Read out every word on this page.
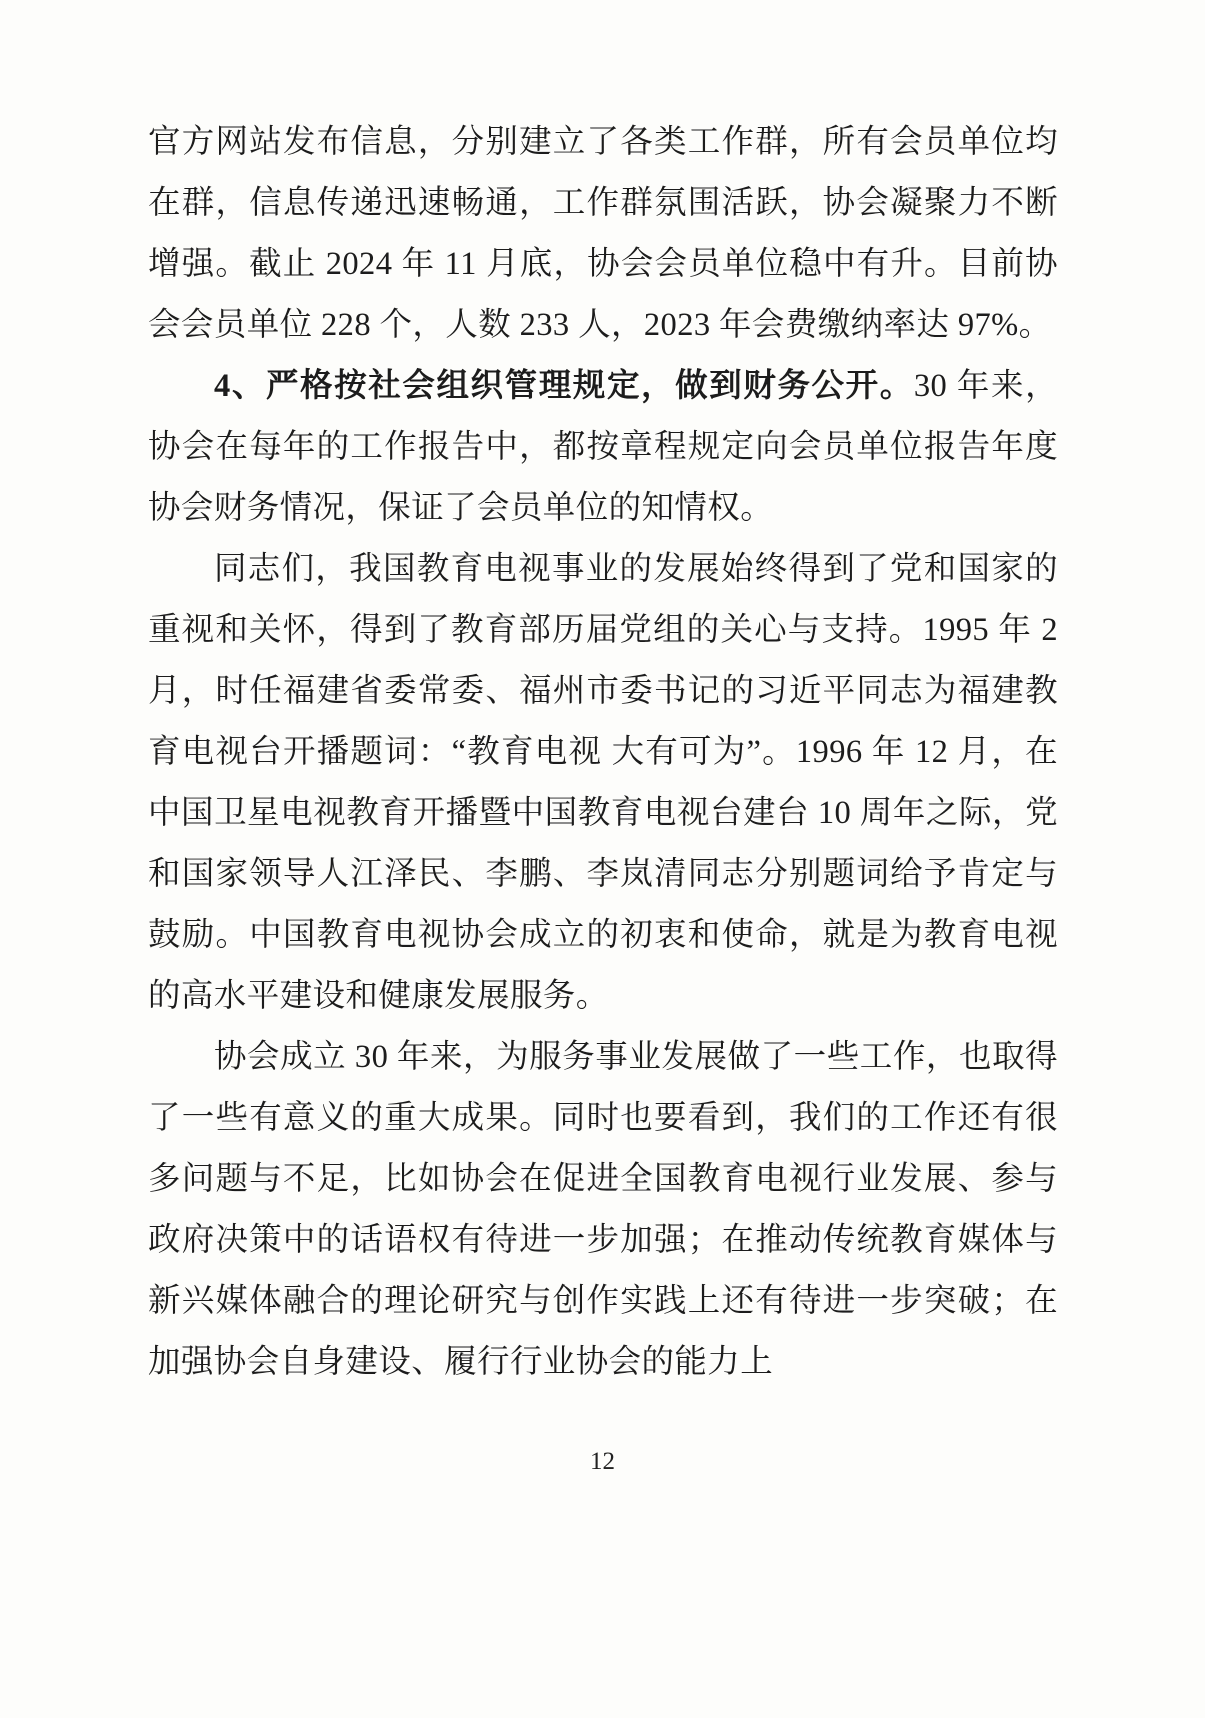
官方网站发布信息，分别建立了各类工作群，所有会员单位均在群，信息传递迅速畅通，工作群氛围活跃，协会凝聚力不断增强。截止 2024 年 11 月底，协会会员单位稳中有升。目前协会会员单位 228 个，人数 233 人，2023 年会费缴纳率达 97%。

4、严格按社会组织管理规定，做到财务公开。30 年来，协会在每年的工作报告中，都按章程规定向会员单位报告年度协会财务情况，保证了会员单位的知情权。

同志们，我国教育电视事业的发展始终得到了党和国家的重视和关怀，得到了教育部历届党组的关心与支持。1995 年 2 月，时任福建省委常委、福州市委书记的习近平同志为福建教育电视台开播题词：“教育电视 大有可为”。1996 年 12 月，在中国卫星电视教育开播暨中国教育电视台建台 10 周年之际，党和国家领导人江泽民、李鹏、李岚清同志分别题词给予肯定与鼓励。中国教育电视协会成立的初衷和使命，就是为教育电视的高水平建设和健康发展服务。

协会成立 30 年来，为服务事业发展做了一些工作，也取得了一些有意义的重大成果。同时也要看到，我们的工作还有很多问题与不足，比如协会在促进全国教育电视行业发展、参与政府决策中的话语权有待进一步加强；在推动传统教育媒体与新兴媒体融合的理论研究与创作实践上还有待进一步突破；在加强协会自身建设、履行行业协会的能力上

12
